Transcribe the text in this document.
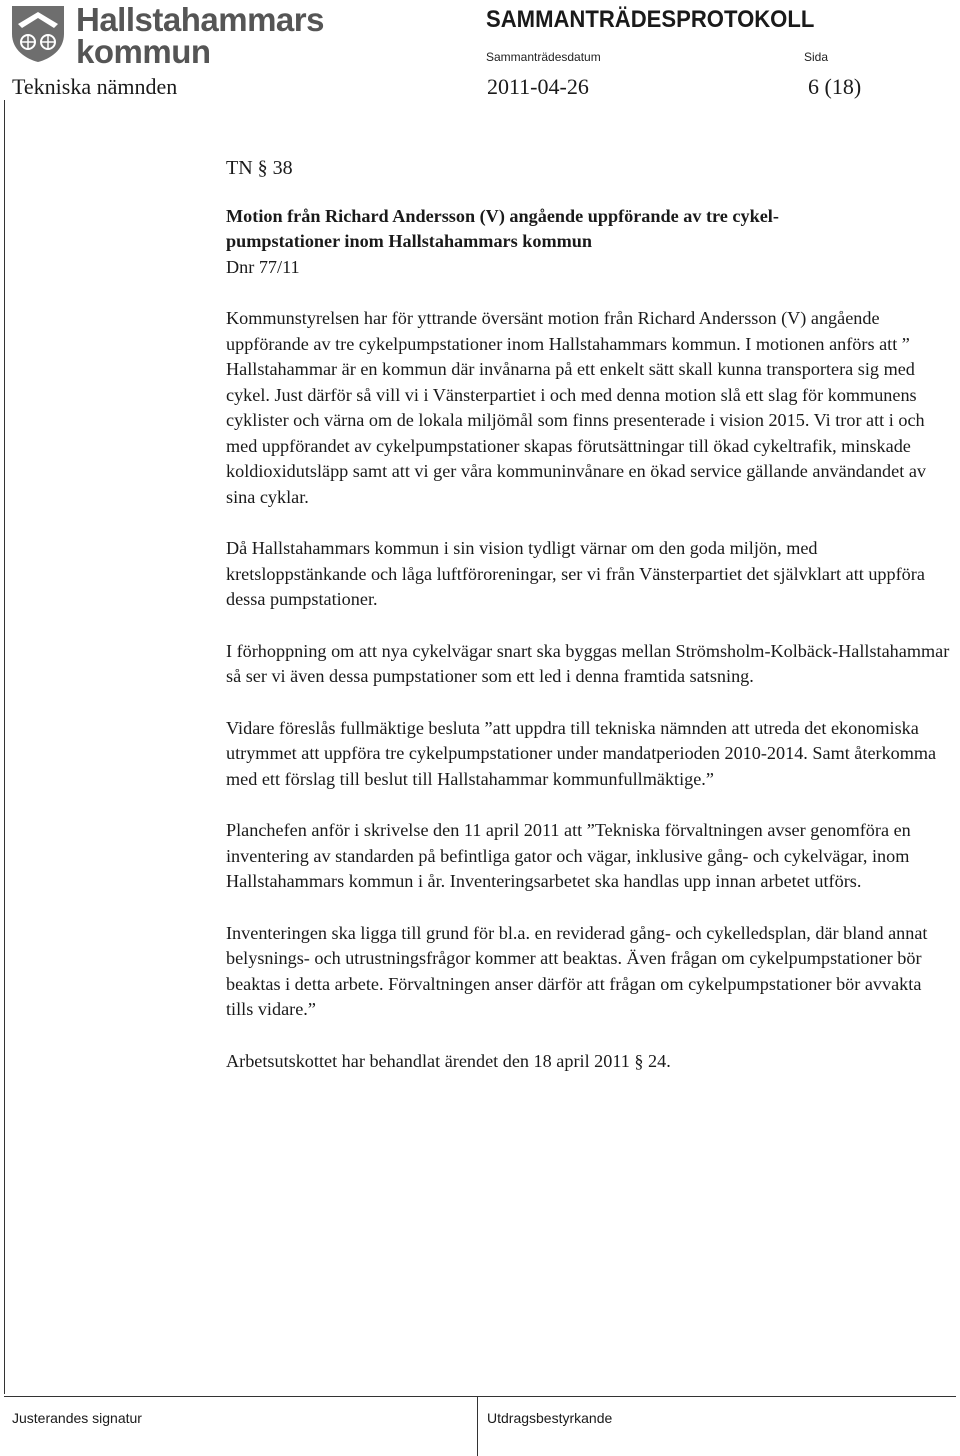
Hallstahammars
kommun
SAMMANTRÄDESPROTOKOLL
Sammanträdesdatum	Sida
Tekniska nämnden	2011-04-26	6 (18)

TN § 38

Motion från Richard Andersson (V) angående uppförande av tre cykel-

pumpstationer inom Hallstahammars kommun

Dnr 77/11

Kommunstyrelsen har för yttrande översänt motion från Richard Andersson (V) angående uppförande av tre cykelpumpstationer inom Hallstahammars kommun. I motionen anförs att ” Hallstahammar är en kommun där invånarna på ett enkelt sätt skall kunna transportera sig med cykel. Just därför så vill vi i Vänsterpartiet i och med denna motion slå ett slag för kommunens cyklister och värna om de lokala miljömål som finns presenterade i vision 2015. Vi tror att i och med uppförandet av cykelpumpstationer skapas förutsättningar till ökad cykeltrafik, minskade koldioxidutsläpp samt att vi ger våra kommuninvånare en ökad service gällande användandet av sina cyklar.

Då Hallstahammars kommun i sin vision tydligt värnar om den goda miljön, med kretsloppstänkande och låga luftföroreningar, ser vi från Vänsterpartiet det självklart att uppföra dessa pumpstationer.

I förhoppning om att nya cykelvägar snart ska byggas mellan Strömsholm-Kolbäck-Hallstahammar så ser vi även dessa pumpstationer som ett led i denna framtida satsning.

Vidare föreslås fullmäktige besluta ”att uppdra till tekniska nämnden att utreda det ekonomiska utrymmet att uppföra tre cykelpumpstationer under mandatperioden 2010-2014. Samt återkomma med ett förslag till beslut till Hallstahammar kommunfullmäktige.”

Planchefen anför i skrivelse den 11 april 2011 att ”Tekniska förvaltningen avser genomföra en inventering av standarden på befintliga gator och vägar, inklusive gång- och cykelvägar, inom Hallstahammars kommun i år. Inventeringsarbetet ska handlas upp innan arbetet utförs.

Inventeringen ska ligga till grund för bl.a. en reviderad gång- och cykelledsplan, där bland annat belysnings- och utrustningsfrågor kommer att beaktas. Även frågan om cykelpumpstationer bör beaktas i detta arbete. Förvaltningen anser därför att frågan om cykelpumpstationer bör avvakta tills vidare.”

Arbetsutskottet har behandlat ärendet den 18 april 2011 § 24.

Justerandes signatur	Utdragsbestyrkande
